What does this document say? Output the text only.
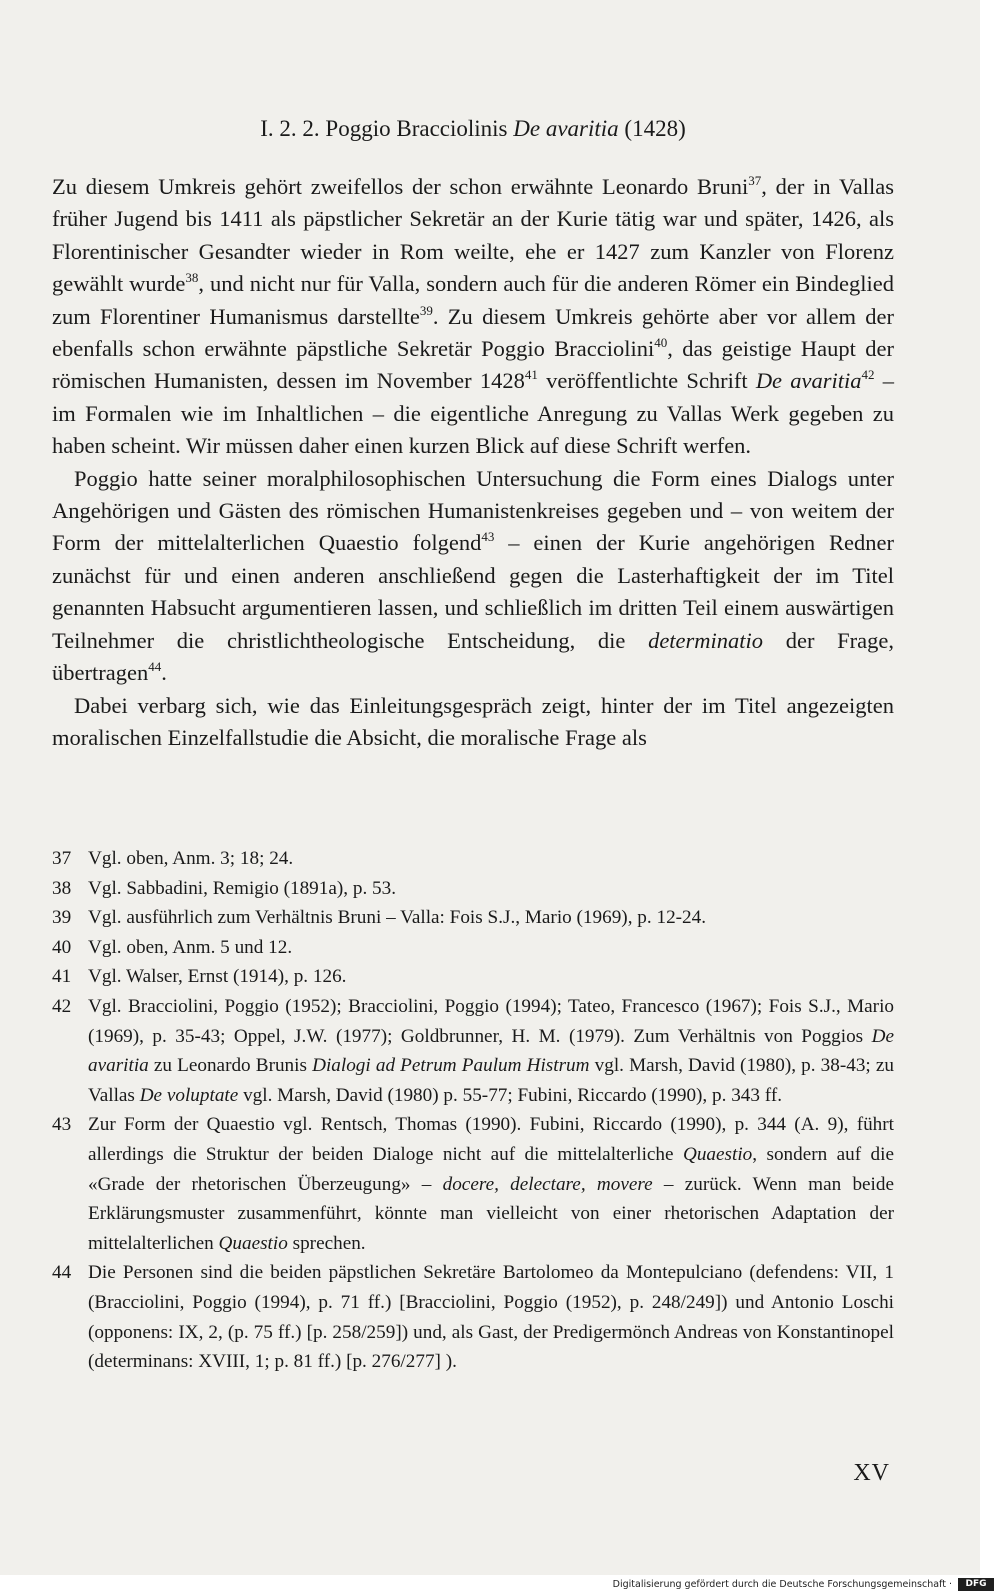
I. 2. 2. Poggio Bracciolinis De avaritia (1428)

Zu diesem Umkreis gehört zweifellos der schon erwähnte Leonardo Bruni$^{37}$, der in Vallas früher Jugend bis 1411 als päpstlicher Sekretär an der Kurie tätig war und später, 1426, als Florentinischer Gesandter wieder in Rom weilte, ehe er 1427 zum Kanzler von Florenz gewählt wurde$^{38}$, und nicht nur für Valla, sondern auch für die anderen Römer ein Bindeglied zum Florentiner Humanismus darstellte$^{39}$. Zu diesem Umkreis gehörte aber vor allem der ebenfalls schon erwähnte päpstliche Sekretär Poggio Bracciolini$^{40}$, das geistige Haupt der römischen Humanisten, dessen im November 1428$^{41}$ veröffentlichte Schrift De avaritia$^{42}$ – im Formalen wie im Inhaltlichen – die eigentliche Anregung zu Vallas Werk gegeben zu haben scheint. Wir müssen daher einen kurzen Blick auf diese Schrift werfen.

Poggio hatte seiner moralphilosophischen Untersuchung die Form eines Dialogs unter Angehörigen und Gästen des römischen Humanistenkreises gegeben und – von weitem der Form der mittelalterlichen Quaestio folgend$^{43}$ – einen der Kurie angehörigen Redner zunächst für und einen anderen anschließend gegen die Lasterhaftigkeit der im Titel genannten Habsucht argumentieren lassen, und schließlich im dritten Teil einem auswärtigen Teilnehmer die christlichtheologische Entscheidung, die determinatio der Frage, übertragen$^{44}$.

Dabei verbarg sich, wie das Einleitungsgespräch zeigt, hinter der im Titel angezeigten moralischen Einzelfallstudie die Absicht, die moralische Frage als

37 Vgl. oben, Anm. 3; 18; 24.
38 Vgl. Sabbadini, Remigio (1891a), p. 53.
39 Vgl. ausführlich zum Verhältnis Bruni – Valla: Fois S.J., Mario (1969), p. 12-24.
40 Vgl. oben, Anm. 5 und 12.
41 Vgl. Walser, Ernst (1914), p. 126.
42 Vgl. Bracciolini, Poggio (1952); Bracciolini, Poggio (1994); Tateo, Francesco (1967); Fois S.J., Mario (1969), p. 35-43; Oppel, J.W. (1977); Goldbrunner, H. M. (1979). Zum Verhältnis von Poggios De avaritia zu Leonardo Brunis Dialogi ad Petrum Paulum Histrum vgl. Marsh, David (1980), p. 38-43; zu Vallas De voluptate vgl. Marsh, David (1980) p. 55-77; Fubini, Riccardo (1990), p. 343 ff.
43 Zur Form der Quaestio vgl. Rentsch, Thomas (1990). Fubini, Riccardo (1990), p. 344 (A. 9), führt allerdings die Struktur der beiden Dialoge nicht auf die mittelalterliche Quaestio, sondern auf die «Grade der rhetorischen Überzeugung» – docere, delectare, movere – zurück. Wenn man beide Erklärungsmuster zusammenführt, könnte man vielleicht von einer rhetorischen Adaptation der mittelalterlichen Quaestio sprechen.
44 Die Personen sind die beiden päpstlichen Sekretäre Bartolomeo da Montepulciano (defendens: VII, 1 (Bracciolini, Poggio (1994), p. 71 ff.) [Bracciolini, Poggio (1952), p. 248/249]) und Antonio Loschi (opponens: IX, 2, (p. 75 ff.) [p. 258/259]) und, als Gast, der Predigermönch Andreas von Konstantinopel (determinans: XVIII, 1; p. 81 ff.) [p. 276/277] ).
XV
Digitalisierung gefördert durch die Deutsche Forschungsgemeinschaft ·	DFG
